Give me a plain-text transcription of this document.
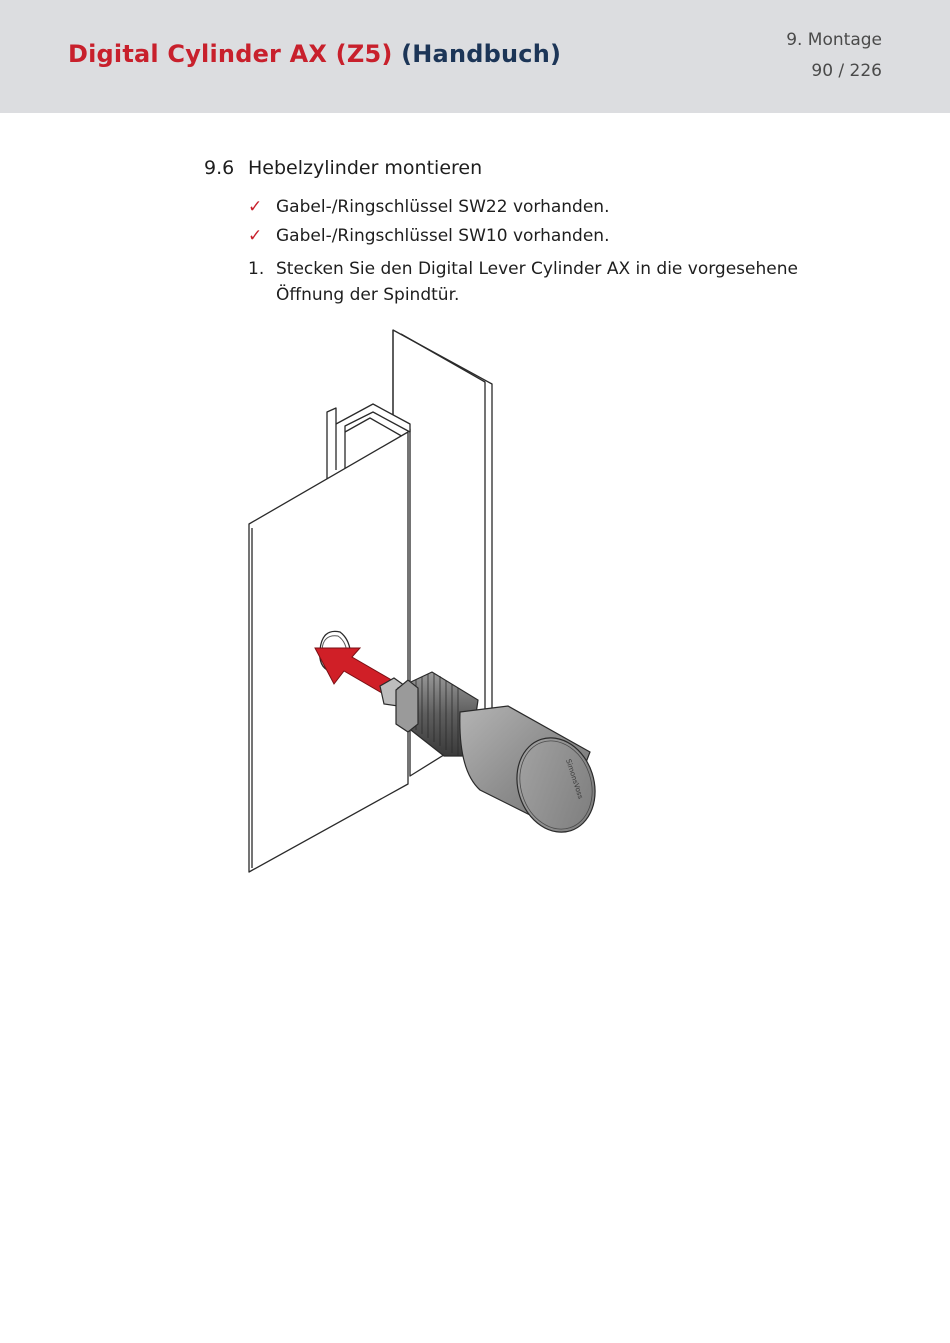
Digital Cylinder AX (Z5) (Handbuch)	9. Montage
90 / 226
9.6 Hebelzylinder montieren
✓ Gabel-/Ringschlüssel SW22 vorhanden.
✓ Gabel-/Ringschlüssel SW10 vorhanden.
1. Stecken Sie den Digital Lever Cylinder AX in die vorgesehene Öffnung der Spindtür.
SimonsVoss
